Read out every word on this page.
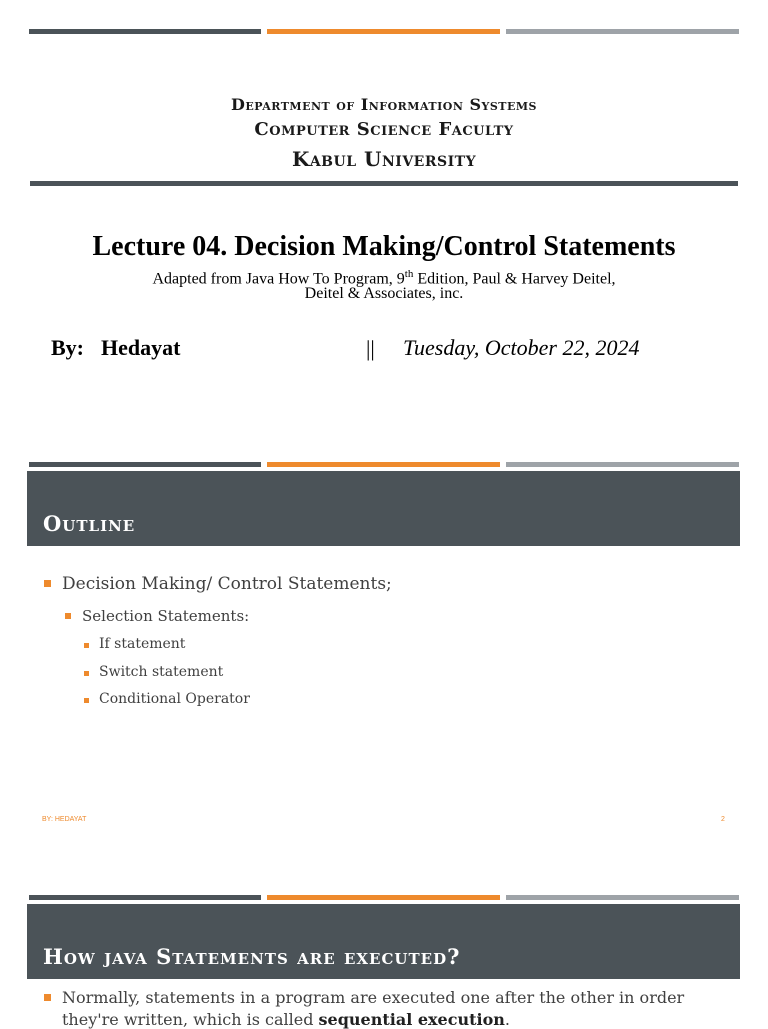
Department of Information Systems
Computer Science Faculty
Kabul University
Lecture 04. Decision Making/Control Statements
Adapted from Java How To Program, 9th Edition, Paul & Harvey Deitel,
Deitel & Associates, inc.
By: Hedayat	|| Tuesday, October 22, 2024
Outline
Decision Making/ Control Statements;
Selection Statements:
If statement
Switch statement
Conditional Operator
BY: HEDAYAT	2
How java Statements are executed?
Normally, statements in a program are executed one after the other in order
they're written, which is called sequential execution.
